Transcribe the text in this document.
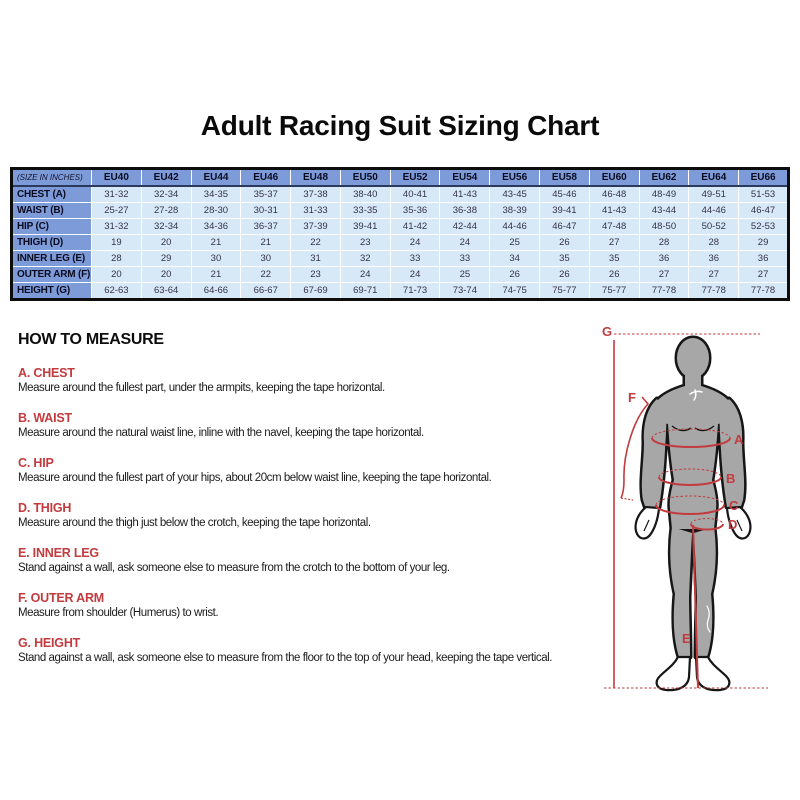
Adult Racing Suit Sizing Chart
(SIZE IN INCHES)	EU40	EU42	EU44	EU46	EU48	EU50	EU52	EU54	EU56	EU58	EU60	EU62	EU64	EU66
CHEST (A)	31-32	32-34	34-35	35-37	37-38	38-40	40-41	41-43	43-45	45-46	46-48	48-49	49-51	51-53
WAIST (B)	25-27	27-28	28-30	30-31	31-33	33-35	35-36	36-38	38-39	39-41	41-43	43-44	44-46	46-47
HIP (C)	31-32	32-34	34-36	36-37	37-39	39-41	41-42	42-44	44-46	46-47	47-48	48-50	50-52	52-53
THIGH (D)	19	20	21	21	22	23	24	24	25	26	27	28	28	29
INNER LEG (E)	28	29	30	30	31	32	33	33	34	35	35	36	36	36
OUTER ARM (F)	20	20	21	22	23	24	24	25	26	26	26	27	27	27
HEIGHT (G)	62-63	63-64	64-66	66-67	67-69	69-71	71-73	73-74	74-75	75-77	75-77	77-78	77-78	77-78
HOW TO MEASURE
A. CHEST
Measure around the fullest part, under the armpits, keeping the tape horizontal.
B. WAIST
Measure around the natural waist line, inline with the navel, keeping the tape horizontal.
C. HIP
Measure around the fullest part of your hips, about 20cm below waist line, keeping the tape horizontal.
D. THIGH
Measure around the thigh just below the crotch, keeping the tape horizontal.
E. INNER LEG
Stand against a wall, ask someone else to measure from the crotch to the bottom of your leg.
F. OUTER ARM
Measure from shoulder (Humerus) to wrist.
G. HEIGHT
Stand against a wall, ask someone else to measure from the floor to the top of your head, keeping the tape vertical.
G
F
A
B
C
D
E
